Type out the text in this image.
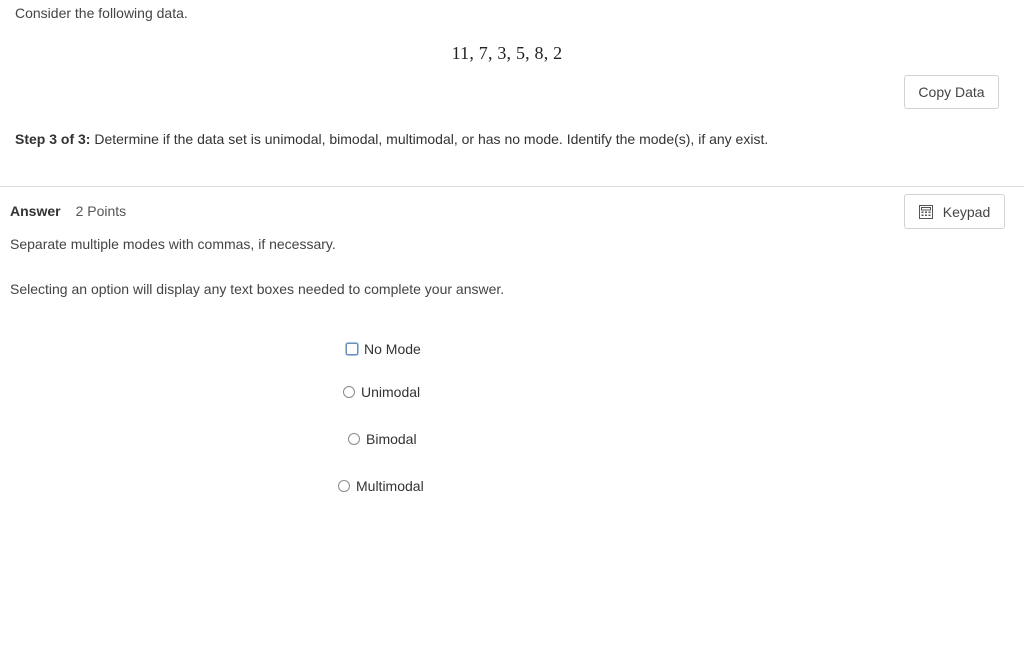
Consider the following data.
11, 7, 3, 5, 8, 2
Copy Data
Step 3 of 3: Determine if the data set is unimodal, bimodal, multimodal, or has no mode. Identify the mode(s), if any exist.
Answer 2 Points	Keypad
Separate multiple modes with commas, if necessary.
Selecting an option will display any text boxes needed to complete your answer.
No Mode
Unimodal
Bimodal
Multimodal
